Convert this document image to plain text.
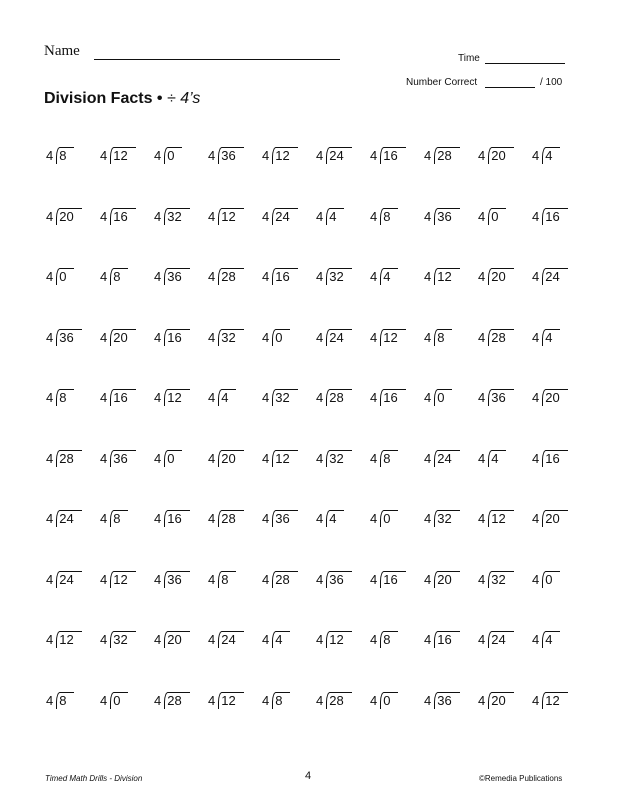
Name	Time
Number Correct	/ 100
Division Facts • ÷ 4’s
4 8	4 12 4 0	4 36 4 12 4 24 4 16 4 28 4 20 4 4
4 20 4 16 4 32 4 12 4 24 4 4	4 8	4 36 4 0	4 16
4 0	4 8	4 36 4 28 4 16 4 32 4 4	4 12 4 20 4 24
4 36 4 20 4 16 4 32 4 0	4 24 4 12 4 8	4 28 4 4
4 8	4 16 4 12 4 4	4 32 4 28 4 16 4 0	4 36 4 20
4 28 4 36 4 0	4 20 4 12 4 32 4 8	4 24 4 4	4 16
4 24 4 8	4 16 4 28 4 36 4 4	4 0	4 32 4 12 4 20
4 24 4 12 4 36 4 8	4 28 4 36 4 16 4 20 4 32 4 0
4 12 4 32 4 20 4 24 4 4	4 12 4 8	4 16 4 24 4 4
4 8	4 0	4 28 4 12 4 8	4 28 4 0	4 36 4 20 4 12
Timed Math Drills - Division	4	©Remedia Publications
